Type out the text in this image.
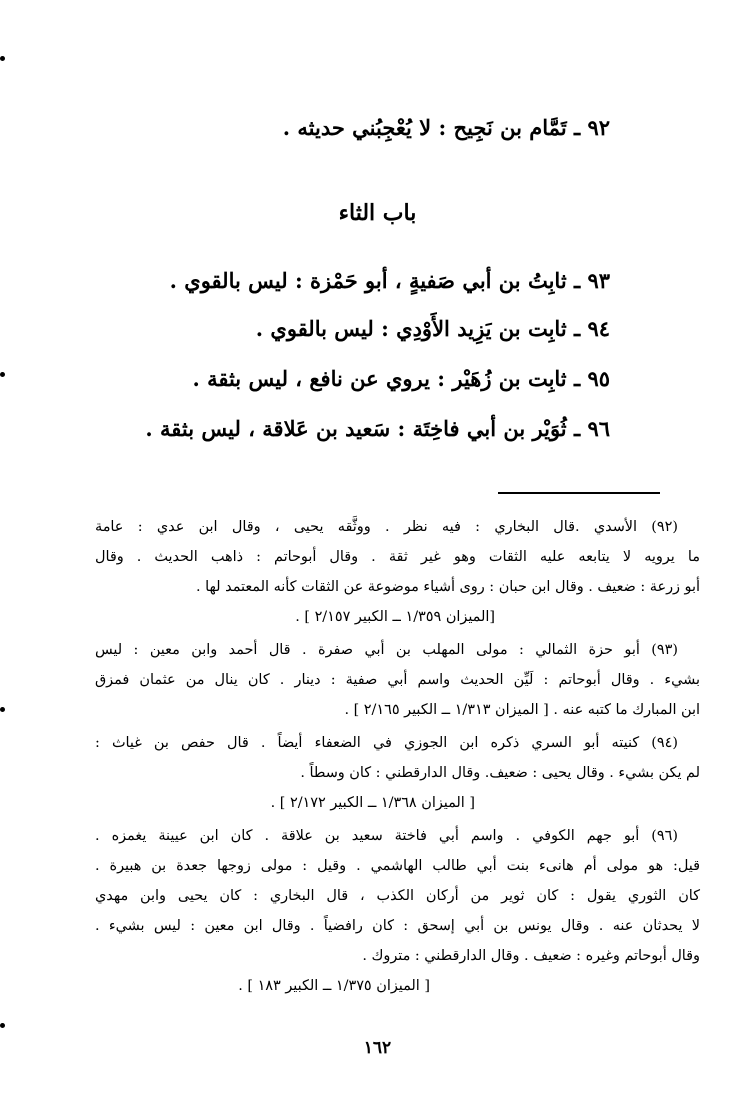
٩٢ ـ تَمَّام بن نَجِيح : لا يُعْجِبُني حديثه .
باب الثاء
٩٣ ـ ثابِتُ بن أبي صَفيةٍ ، أبو حَمْزة : ليس بالقوي .
٩٤ ـ ثابِت بن يَزِيد الأَوْدِي : ليس بالقوي .
٩٥ ـ ثابِت بن زُهَيْر : يروي عن نافع ، ليس بثقة .
٩٦ ـ ثُوَيْر بن أبي فاخِتَة : سَعيد بن عَلاقة ، ليس بثقة .
(٩٢) الأسدي .قال البخاري : فيه نظر . ووثَّقه يحيى ، وقال ابن عدي : عامة
ما يرويه لا يتابعه عليه الثقات وهو غير ثقة . وقال أبوحاتم : ذاهب الحديث . وقال
أبو زرعة : ضعيف . وقال ابن حبان : روى أشياء موضوعة عن الثقات كأنه المعتمد لها .
[الميزان ١/٣٥٩ ــ الكبير ٢/١٥٧ ] .
(٩٣) أبو حزة الثمالي : مولى المهلب بن أبي صفرة . قال أحمد وابن معين : ليس
بشيء . وقال أبوحاتم : لَيِّن الحديث واسم أبي صفية : دينار . كان ينال من عثمان فمزق
ابن المبارك ما كتبه عنه . [ الميزان ١/٣١٣ ــ الكبير ٢/١٦٥ ] .
(٩٤) كنيته أبو السري ذكره ابن الجوزي في الضعفاء أيضاً . قال حفص بن غياث :
لم يكن بشيء . وقال يحيى : ضعيف. وقال الدارقطني : كان وسطاً .
[ الميزان ١/٣٦٨ ــ الكبير ٢/١٧٢ ] .
(٩٦) أبو جهم الكوفي . واسم أبي فاختة سعيد بن علاقة . كان ابن عيينة يغمزه .
قيل: هو مولى أم هانىء بنت أبي طالب الهاشمي . وقيل : مولى زوجها جعدة بن هبيرة .
كان الثوري يقول : كان ثوير من أركان الكذب ، قال البخاري : كان يحيى وابن مهدي
لا يحدثان عنه . وقال يونس بن أبي إسحق : كان رافضياً . وقال ابن معين : ليس بشيء .
وقال أبوحاتم وغيره : ضعيف . وقال الدارقطني : متروك .
[ الميزان ١/٣٧٥ ــ الكبير ١٨٣ ] .
١٦٢
